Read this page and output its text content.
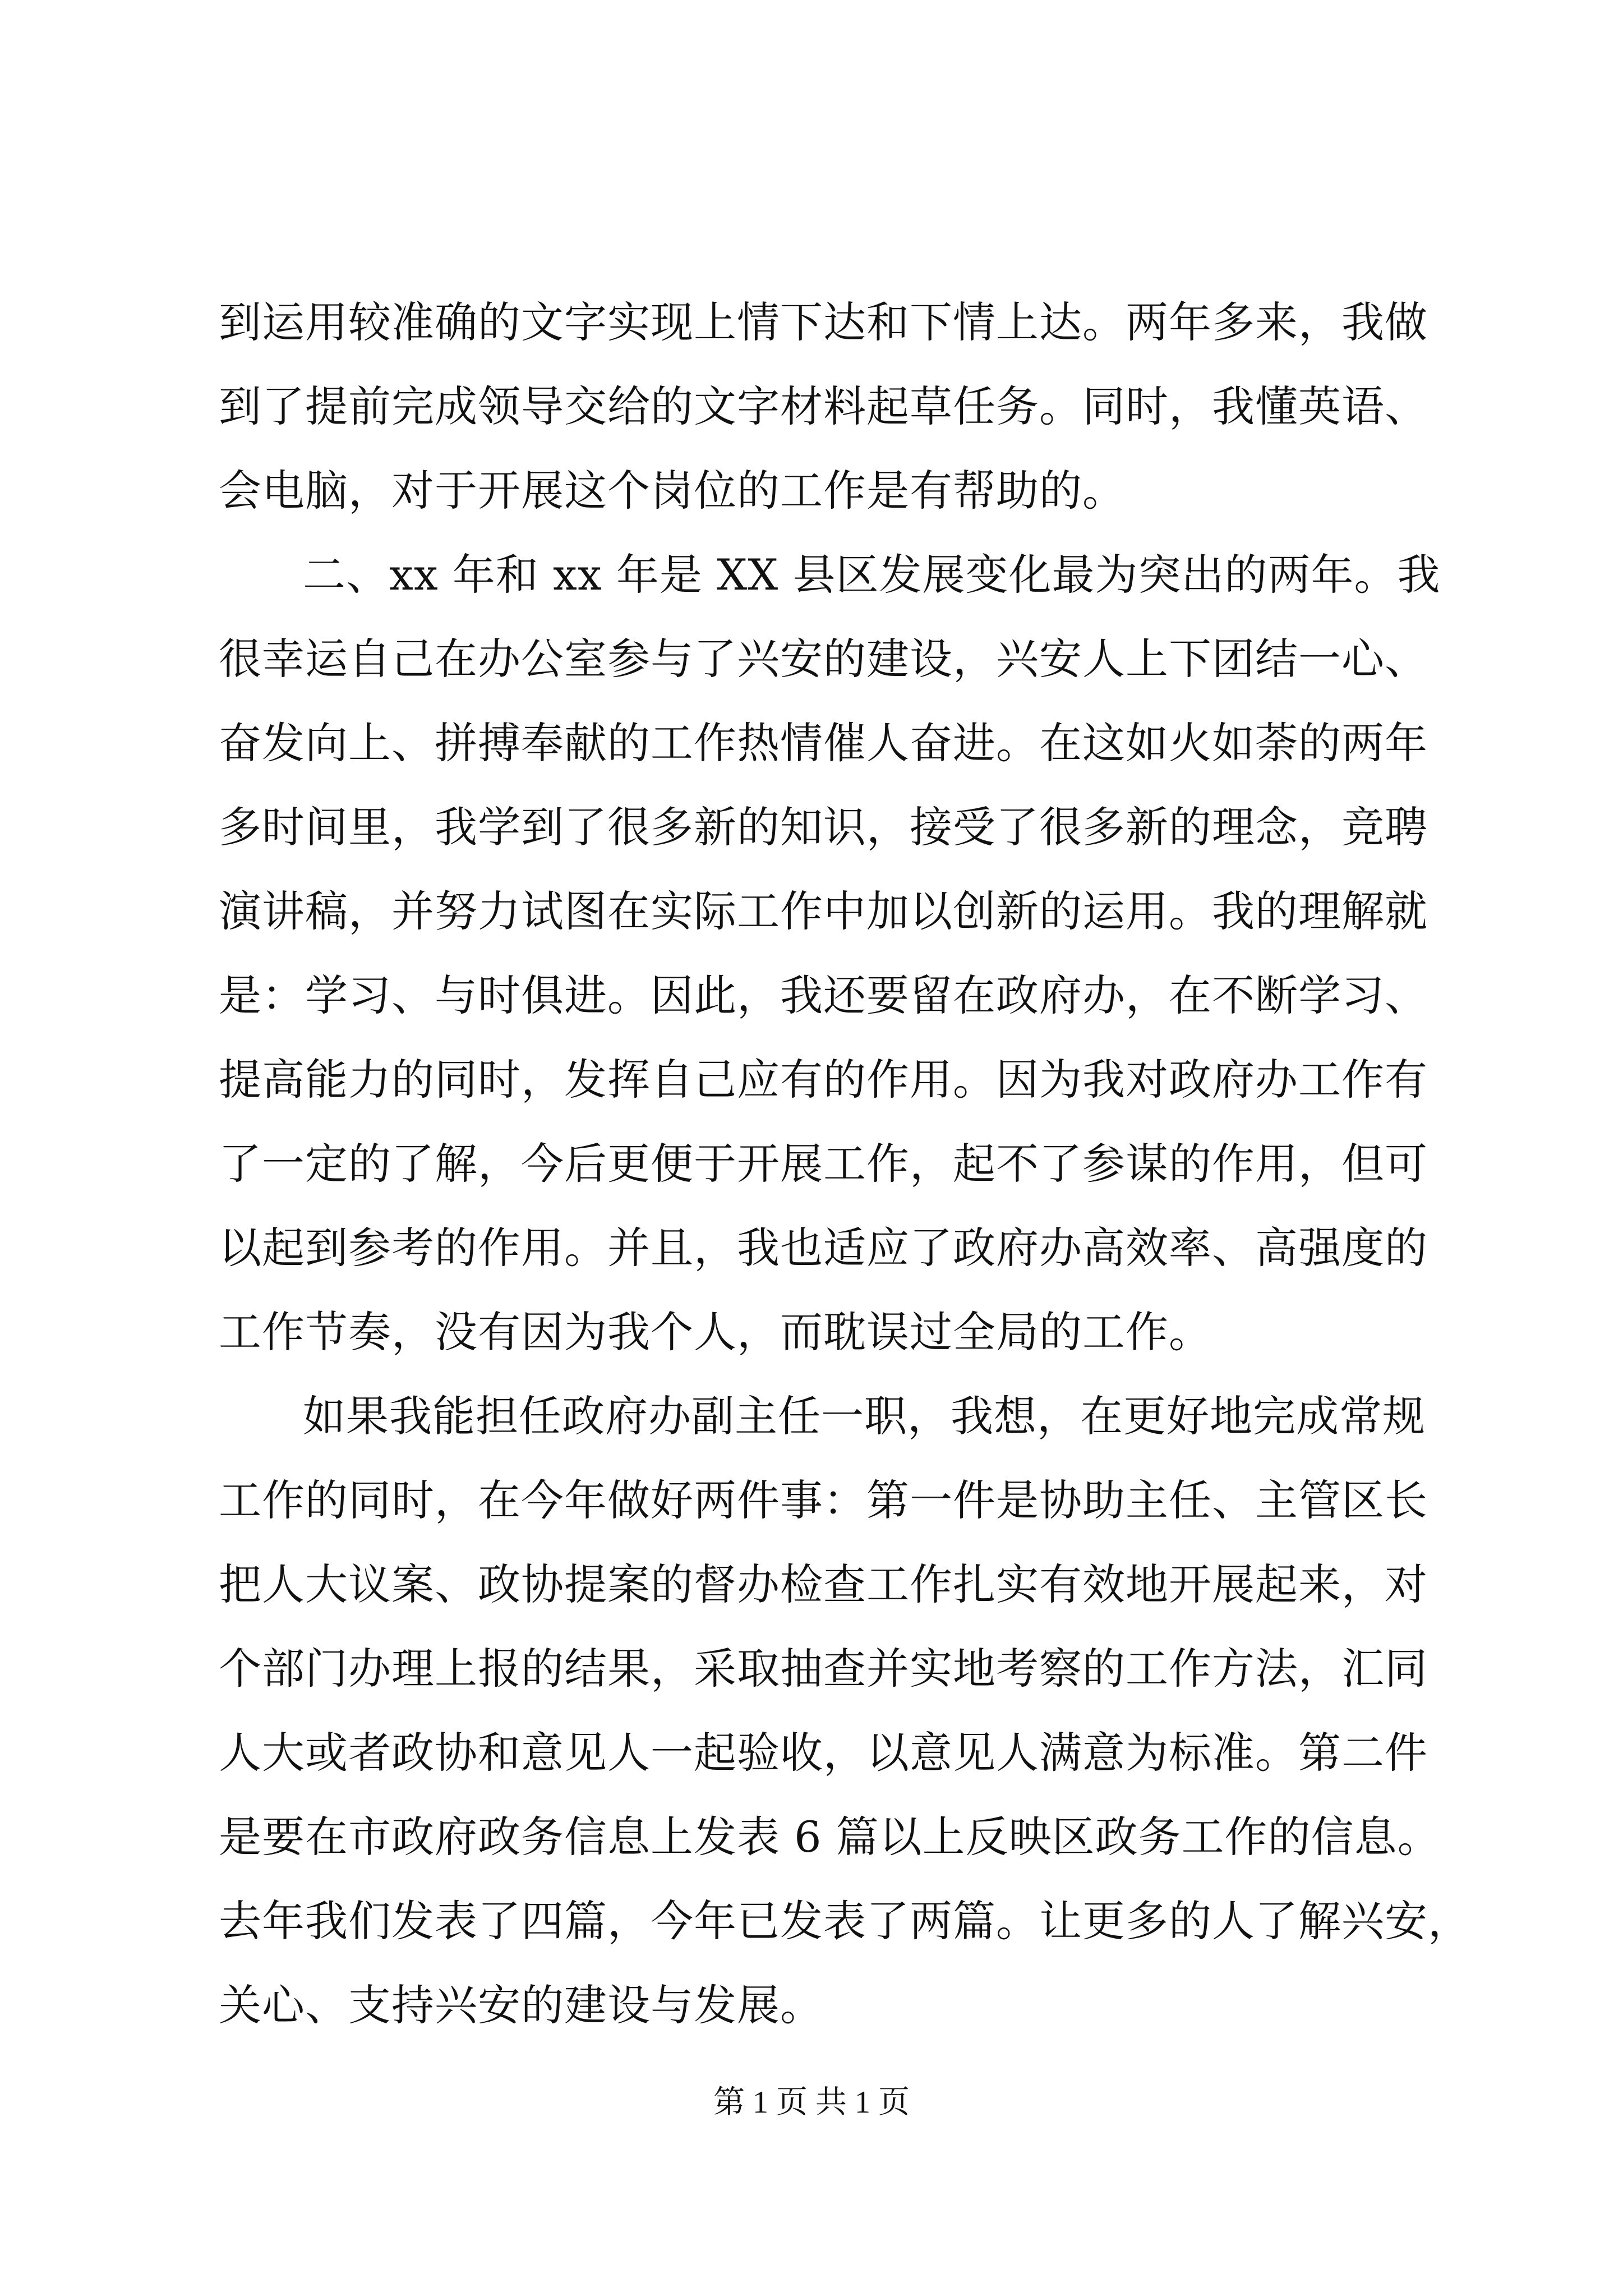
到运用较准确的文字实现上情下达和下情上达。两年多来，我做
到了提前完成领导交给的文字材料起草任务。同时，我懂英语、
会电脑，对于开展这个岗位的工作是有帮助的。
二、xx 年和 xx 年是 XX 县区发展变化最为突出的两年。我
很幸运自己在办公室参与了兴安的建设，兴安人上下团结一心、
奋发向上、拼搏奉献的工作热情催人奋进。在这如火如荼的两年
多时间里，我学到了很多新的知识，接受了很多新的理念，竞聘
演讲稿，并努力试图在实际工作中加以创新的运用。我的理解就
是：学习、与时俱进。因此，我还要留在政府办，在不断学习、
提高能力的同时，发挥自己应有的作用。因为我对政府办工作有
了一定的了解，今后更便于开展工作，起不了参谋的作用，但可
以起到参考的作用。并且，我也适应了政府办高效率、高强度的
工作节奏，没有因为我个人，而耽误过全局的工作。
如果我能担任政府办副主任一职，我想，在更好地完成常规
工作的同时，在今年做好两件事：第一件是协助主任、主管区长
把人大议案、政协提案的督办检查工作扎实有效地开展起来，对
个部门办理上报的结果，采取抽查并实地考察的工作方法，汇同
人大或者政协和意见人一起验收，以意见人满意为标准。第二件
是要在市政府政务信息上发表 6 篇以上反映区政务工作的信息。
去年我们发表了四篇，今年已发表了两篇。让更多的人了解兴安，
关心、支持兴安的建设与发展。
第 1 页 共 1 页
